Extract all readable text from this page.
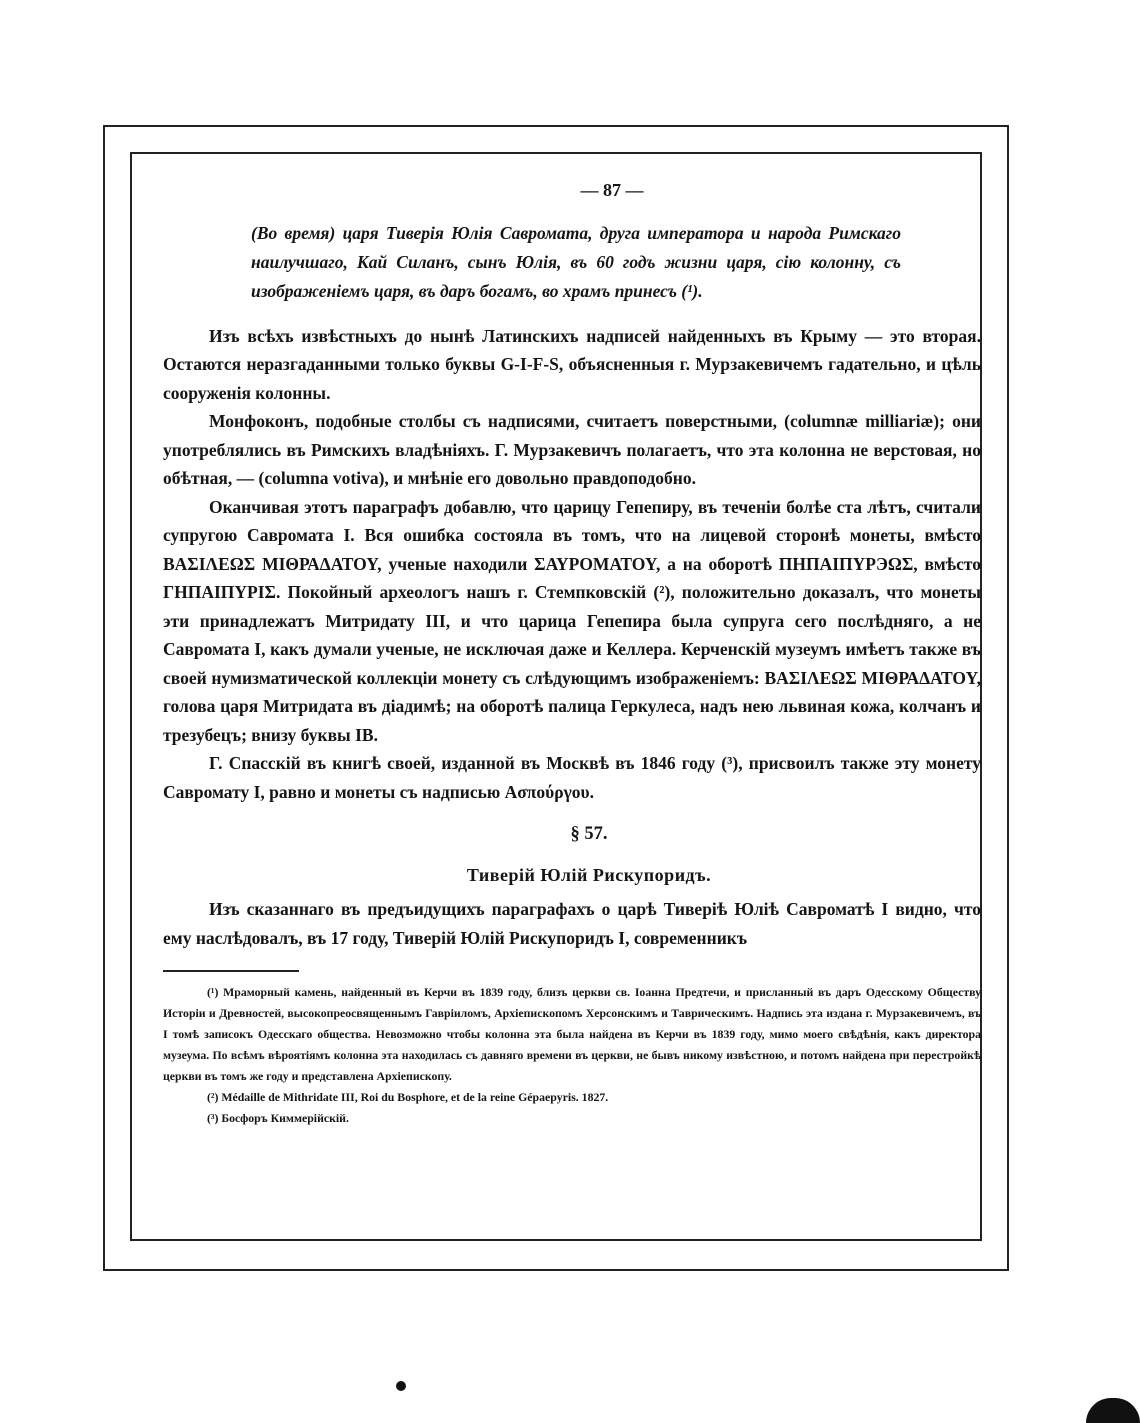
— 87 —
(Во время) царя Тиверія Юлія Савромата, друга императора и народа Римскаго наилучшаго, Кай Силанъ, сынъ Юлія, въ 60 годъ жизни царя, сію колонну, съ изображеніемъ царя, въ даръ богамъ, во храмъ принесъ (¹).

Изъ всѣхъ извѣстныхъ до нынѣ Латинскихъ надписей найденныхъ въ Крыму — это вторая. Остаются неразгаданными только буквы G-I-F-S, объясненныя г. Мурзакевичемъ гадательно, и цѣль сооруженія колонны.

Монфоконъ, подобные столбы съ надписями, считаетъ поверстными, (columnæ milliariæ); они употреблялись въ Римскихъ владѣніяхъ. Г. Мурзакевичъ полагаетъ, что эта колонна не верстовая, но обѣтная, — (columna votiva), и мнѣніе его довольно правдоподобно.

Оканчивая этотъ параграфъ добавлю, что царицу Гепепиру, въ теченіи болѣе ста лѣтъ, считали супругою Савромата I. Вся ошибка состояла въ томъ, что на лицевой сторонѣ монеты, вмѣсто ΒΑΣΙΛΕΩΣ ΜΙΘΡΑΔΑΤΟΥ, ученые находили ΣΑΥΡΟΜΑΤΟΥ, а на оборотѣ ΠΗΠΑΙΠΥΡЭΩΣ, вмѣсто ΓΗΠΑΙΠΥΡΙΣ. Покойный археологъ нашъ г. Стемпковскій (²), положительно доказалъ, что монеты эти принадлежатъ Митридату III, и что царица Гепепира была супруга сего послѣдняго, а не Савромата I, какъ думали ученые, не исключая даже и Келлера. Керченскій музеумъ имѣетъ также въ своей нумизматической коллекціи монету съ слѣдующимъ изображеніемъ: ΒΑΣΙΛΕΩΣ ΜΙΘΡΑΔΑΤΟΥ, голова царя Митридата въ діадимѣ; на оборотѣ палица Геркулеса, надъ нею львиная кожа, колчанъ и трезубецъ; внизу буквы IB.

Г. Спасскій въ книгѣ своей, изданной въ Москвѣ въ 1846 году (³), присвоилъ также эту монету Савромату I, равно и монеты съ надписью Ασπούργου.

§ 57.
Тиверій Юлій Рискупоридъ.

Изъ сказаннаго въ предъидущихъ параграфахъ о царѣ Тиверіѣ Юліѣ Савроматѣ I видно, что ему наслѣдовалъ, въ 17 году, Тиверій Юлій Рискупоридъ I, современникъ

(¹) Мраморный камень, найденный въ Керчи въ 1839 году, близъ церкви св. Іоанна Предтечи, и присланный въ даръ Одесскому Обществу Исторіи и Древностей, высокопреосвященнымъ Гавріиломъ, Архіепископомъ Херсонскимъ и Таврическимъ. Надпись эта издана г. Мурзакевичемъ, въ I томѣ записокъ Одесскаго общества. Невозможно чтобы колонна эта была найдена въ Керчи въ 1839 году, мимо моего свѣдѣнія, какъ директора музеума. По всѣмъ вѣроятіямъ колонна эта находилась съ давняго времени въ церкви, не бывъ никому извѣстною, и потомъ найдена при перестройкѣ церкви въ томъ же году и представлена Архіепископу.

(²) Médaille de Mithridate III, Roi du Bosphore, et de la reine Gépaepyris. 1827.

(³) Босфоръ Киммерійскій.
